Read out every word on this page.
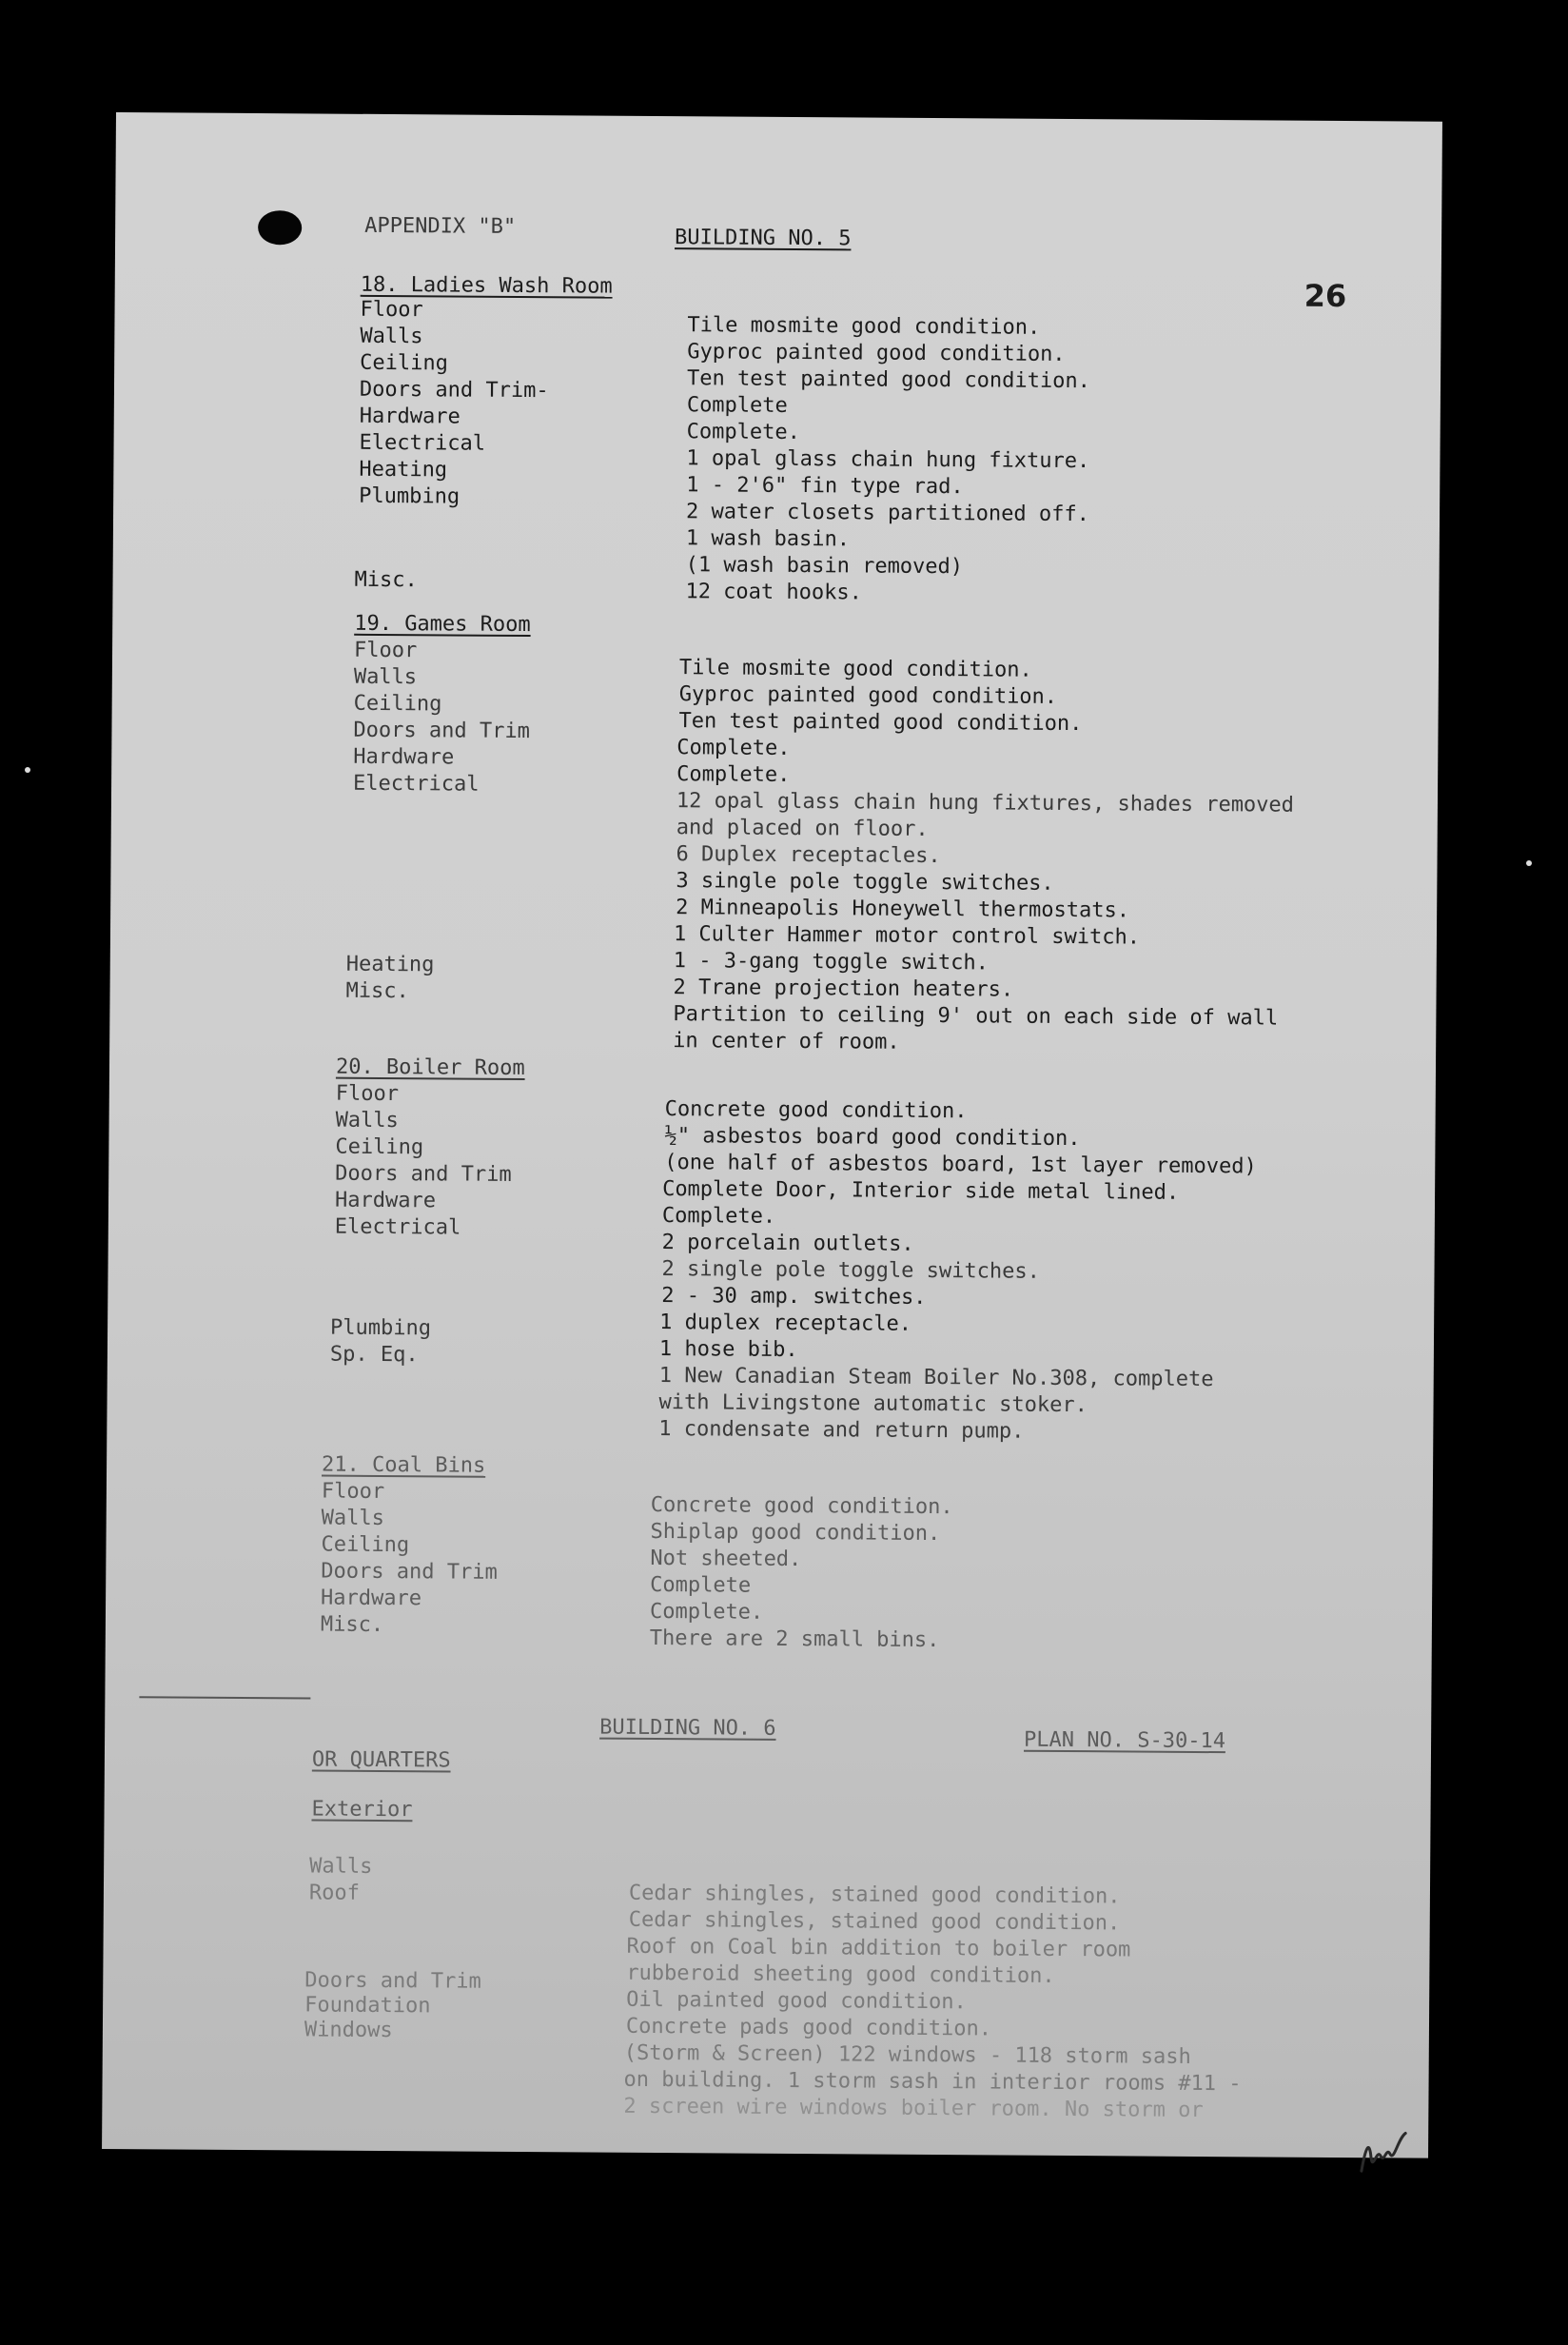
APPENDIX "B"	BUILDING NO. 5
26
18. Ladies Wash Room
Floor
Walls
Ceiling
Doors and Trim-
Hardware
Electrical
Heating
Plumbing
Misc.
Tile mosmite good condition.
Gyproc painted good condition.
Ten test painted good condition.
Complete
Complete.
1 opal glass chain hung fixture.
1 - 2'6" fin type rad.
2 water closets partitioned off.
1 wash basin.
(1 wash basin removed)
12 coat hooks.
19. Games Room
Floor
Walls
Ceiling
Doors and Trim
Hardware
Electrical
Heating
Misc.
Tile mosmite good condition.
Gyproc painted good condition.
Ten test painted good condition.
Complete.
Complete.
12 opal glass chain hung fixtures, shades removed
and placed on floor.
6 Duplex receptacles.
3 single pole toggle switches.
2 Minneapolis Honeywell thermostats.
1 Culter Hammer motor control switch.
1 - 3-gang toggle switch.
2 Trane projection heaters.
Partition to ceiling 9' out on each side of wall
in center of room.
20. Boiler Room
Floor
Walls
Ceiling
Doors and Trim
Hardware
Electrical
Plumbing
Sp. Eq.
Concrete good condition.
½" asbestos board good condition.
(one half of asbestos board, 1st layer removed)
Complete Door, Interior side metal lined.
Complete.
2 porcelain outlets.
2 single pole toggle switches.
2 - 30 amp. switches.
1 duplex receptacle.
1 hose bib.
1 New Canadian Steam Boiler No.308, complete
with Livingstone automatic stoker.
1 condensate and return pump.
21. Coal Bins
Floor
Walls
Ceiling
Doors and Trim
Hardware
Misc.
Concrete good condition.
Shiplap good condition.
Not sheeted.
Complete
Complete.
There are 2 small bins.
BUILDING NO. 6	PLAN NO. S-30-14
OR QUARTERS
Exterior
Walls
Roof
Doors and Trim
Foundation
Windows
Cedar shingles, stained good condition.
Cedar shingles, stained good condition.
Roof on Coal bin addition to boiler room
rubberoid sheeting good condition.
Oil painted good condition.
Concrete pads good condition.
(Storm & Screen) 122 windows - 118 storm sash
on building. 1 storm sash in interior rooms #11 -
2 screen wire windows boiler room. No storm or
